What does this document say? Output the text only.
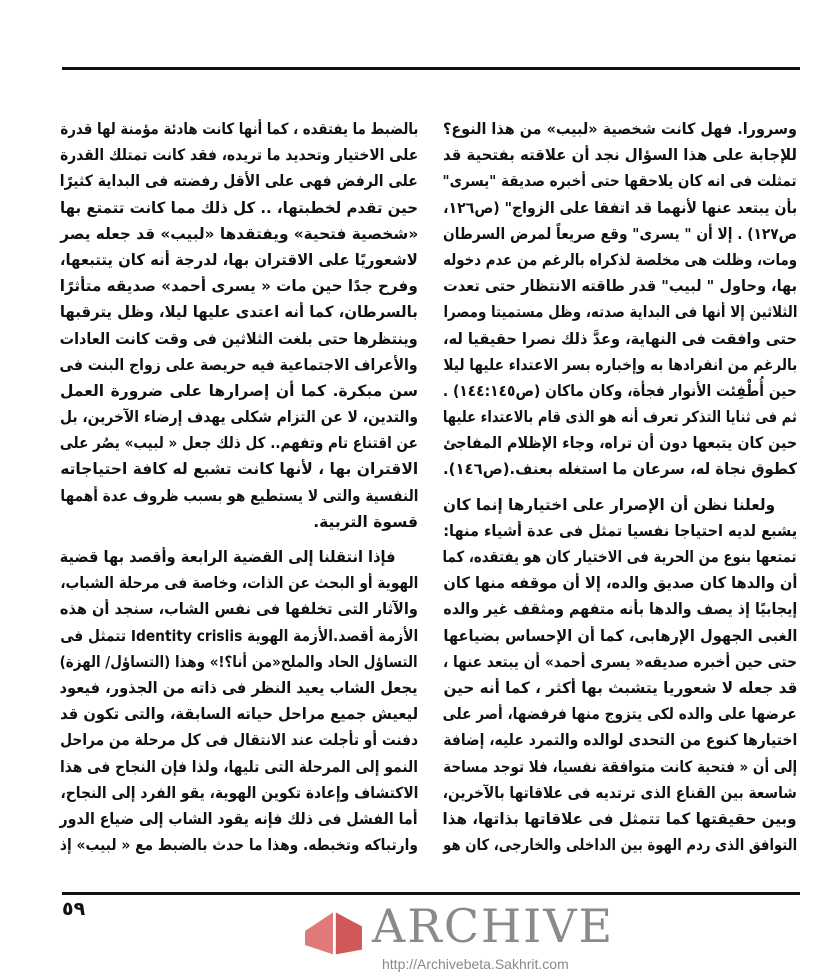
وسرورا. فهل كانت شخصية «لبيب» من هذا النوع؟
للإجابة على هذا السؤال نجد أن علاقته بفتحية قد
تمثلت فى انه كان يلاحقها حتى أخبره صديقة "يسرى"
بأن يبتعد عنها لأنهما قد اتفقا على الزواج" (ص١٢٦،
ص١٢٧) . إلا أن " يسرى" وقع صريعاً لمرض السرطان
ومات، وظلت هى مخلصة لذكراه بالرغم من عدم دخوله
بها، وحاول " لبيب" قدر طاقته الانتظار حتى تعدت
الثلاثين إلا أنها فى البداية صدته، وظل مستميتا ومصرا
حتى وافقت فى النهاية، وعدَّ ذلك نصرا حقيقيا له،
بالرغم من انفرادها به وإخباره بسر الاعتداء عليها ليلا
حين أُطْفِئت الأنوار فجأة، وكان ماكان (ص١٤٤:١٤٥) .
ثم فى ثنايا التذكر تعرف أنه هو الذى قام بالاعتداء عليها
حين كان يتبعها دون أن تراه، وجاء الإظلام المفاجئ
كطوق نجاة له، سرعان ما استغله بعنف.(ص١٤٦).
ولعلنا نظن أن الإصرار على اختيارها إنما كان
يشبع لديه احتياجا نفسيا تمثل فى عدة أشياء منها:
تمتعها بنوع من الحرية فى الاختيار كان هو يفتقده، كما
أن والدها كان صديق والده، إلا أن موقفه منها كان
إيجابيًا إذ يصف والدها بأنه متفهم ومثقف غير والده
الغبى الجهول الإرهابى، كما أن الإحساس بضياعها
حتى حين أخبره صديقه« يسرى أحمد» أن يبتعد عنها ،
قد جعله لا شعوريا يتشبث بها أكثر ، كما أنه حين
عرضها على والده لكى يتزوج منها فرفضها، أصر على
اختيارها كنوع من التحدى لوالده والتمرد عليه، إضافة
إلى أن « فتحية كانت متوافقة نفسيا، فلا توجد مساحة
شاسعة بين القناع الذى ترتديه فى علاقاتها بالآخرين،
وبين حقيقتها كما تتمثل فى علاقاتها بذاتها، هذا
التوافق الذى ردم الهوة بين الداخلى والخارجى، كان هو
بالضبط ما يفتقده ، كما أنها كانت هادئة مؤمنة لها قدرة
على الاختيار وتحديد ما تريده، فقد كانت تمتلك القدرة
على الرفض فهى على الأقل رفضته فى البداية كثيرًا
حين تقدم لخطبتها، .. كل ذلك مما كانت تتمتع بها
«شخصية فتحية» ويفتقدها «لبيب» قد جعله يصر
لاشعوريًا على الاقتران بها، لدرجة أنه كان يتتبعها،
وفرح جدًا حين مات « يسرى أحمد» صديقه متأثرًا
بالسرطان، كما أنه اعتدى عليها ليلا، وظل يترقبها
وينتظرها حتى بلغت الثلاثين فى وقت كانت العادات
والأعراف الاجتماعية فيه حريصة على زواج البنت فى
سن مبكرة. كما أن إصرارها على ضرورة العمل
والتدين، لا عن التزام شكلى يهدف إرضاء الآخرين، بل
عن اقتناع تام وتفهم.. كل ذلك جعل « لبيب» يصُر على
الاقتران بها ، لأنها كانت تشبع له كافة احتياجاته
النفسية والتى لا يستطيع هو بسبب ظروف عدة أهمها
قسوة التربية.
فإذا انتقلنا إلى القضية الرابعة وأقصد بها قضية
الهوية أو البحث عن الذات، وخاصة فى مرحلة الشباب،
والآثار التى تخلفها فى نفس الشاب، سنجد أن هذه
الأزمة أقصد.الأزمة الهوية Identity crislis تتمثل فى
التساؤل الحاد والملح«من أنا؟!» وهذا (التساؤل/ الهزة)
يجعل الشاب يعيد النظر فى ذاته من الجذور، فيعود
ليعيش جميع مراحل حياته السابقة، والتى تكون قد
دفنت أو تأجلت عند الانتقال فى كل مرحلة من مراحل
النمو إلى المرحلة التى تليها، ولذا فإن النجاح فى هذا
الاكتشاف وإعادة تكوين الهوية، يقو الفرد إلى النجاح،
أما الفشل فى ذلك فإنه يقود الشاب إلى ضياع الدور
وارتباكه وتخبطه. وهذا ما حدث بالضبط مع « لبيب» إذ
٥٩	ARCHIVE
http://Archivebeta.Sakhrit.com
